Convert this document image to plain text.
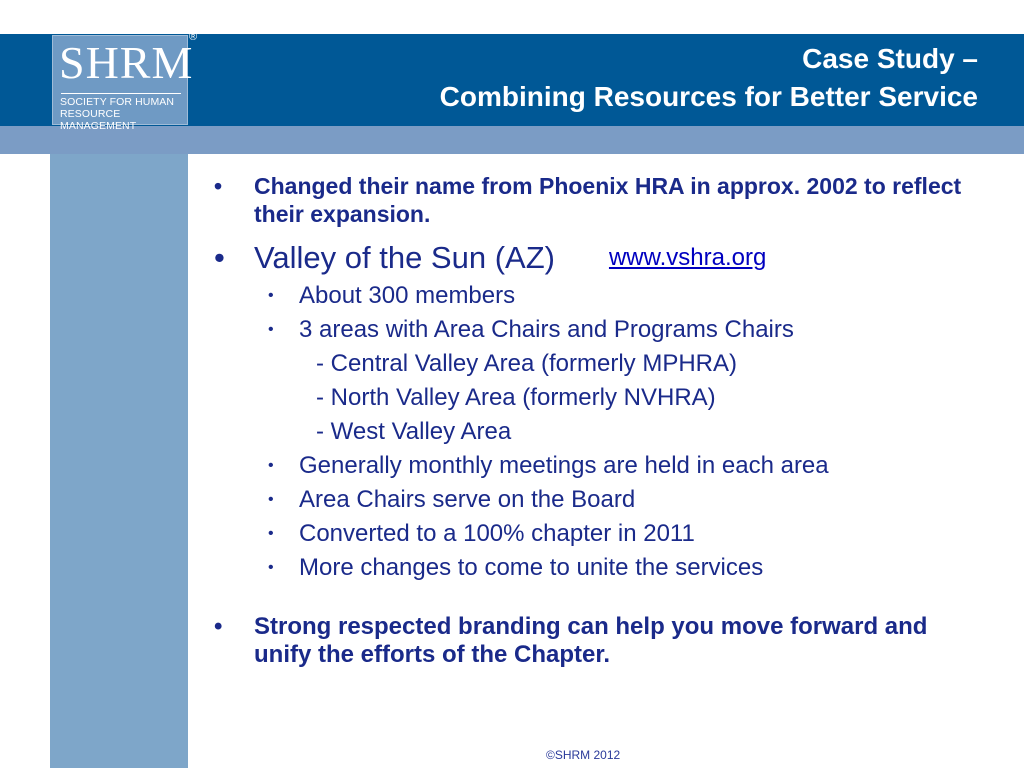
SHRM
SOCIETY FOR HUMAN
RESOURCE MANAGEMENT
®
Case Study –
Combining Resources for Better Service
• Changed their name from Phoenix HRA in approx. 2002 to reflect their expansion.
• Valley of the Sun (AZ) www.vshra.org
• About 300 members
• 3 areas with Area Chairs and Programs Chairs
- Central Valley Area (formerly MPHRA)
- North Valley Area (formerly NVHRA)
- West Valley Area
• Generally monthly meetings are held in each area
• Area Chairs serve on the Board
• Converted to a 100% chapter in 2011
• More changes to come to unite the services
• Strong respected branding can help you move forward and unify the efforts of the Chapter.
©SHRM 2012
